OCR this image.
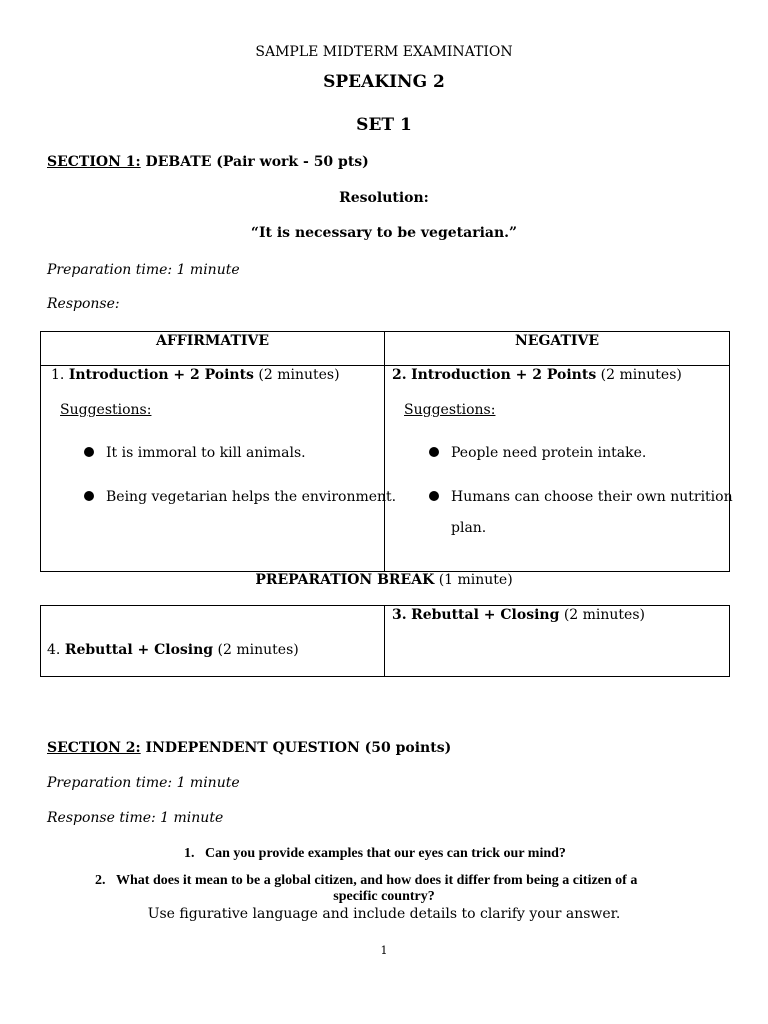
SAMPLE MIDTERM EXAMINATION
SPEAKING 2
SET 1
SECTION 1: DEBATE (Pair work - 50 pts)
Resolution:
“It is necessary to be vegetarian.”
Preparation time: 1 minute
Response:
AFFIRMATIVE	NEGATIVE
1. Introduction + 2 Points (2 minutes)
Suggestions:
It is immoral to kill animals.
Being vegetarian helps the environment.
2. Introduction + 2 Points (2 minutes)
Suggestions:
People need protein intake.
Humans can choose their own nutrition
plan.
PREPARATION BREAK (1 minute)
3. Rebuttal + Closing (2 minutes)
4. Rebuttal + Closing (2 minutes)
SECTION 2: INDEPENDENT QUESTION (50 points)
Preparation time: 1 minute
Response time: 1 minute
1. Can you provide examples that our eyes can trick our mind?
2. What does it mean to be a global citizen, and how does it differ from being a citizen of a
specific country?
Use figurative language and include details to clarify your answer.
1
